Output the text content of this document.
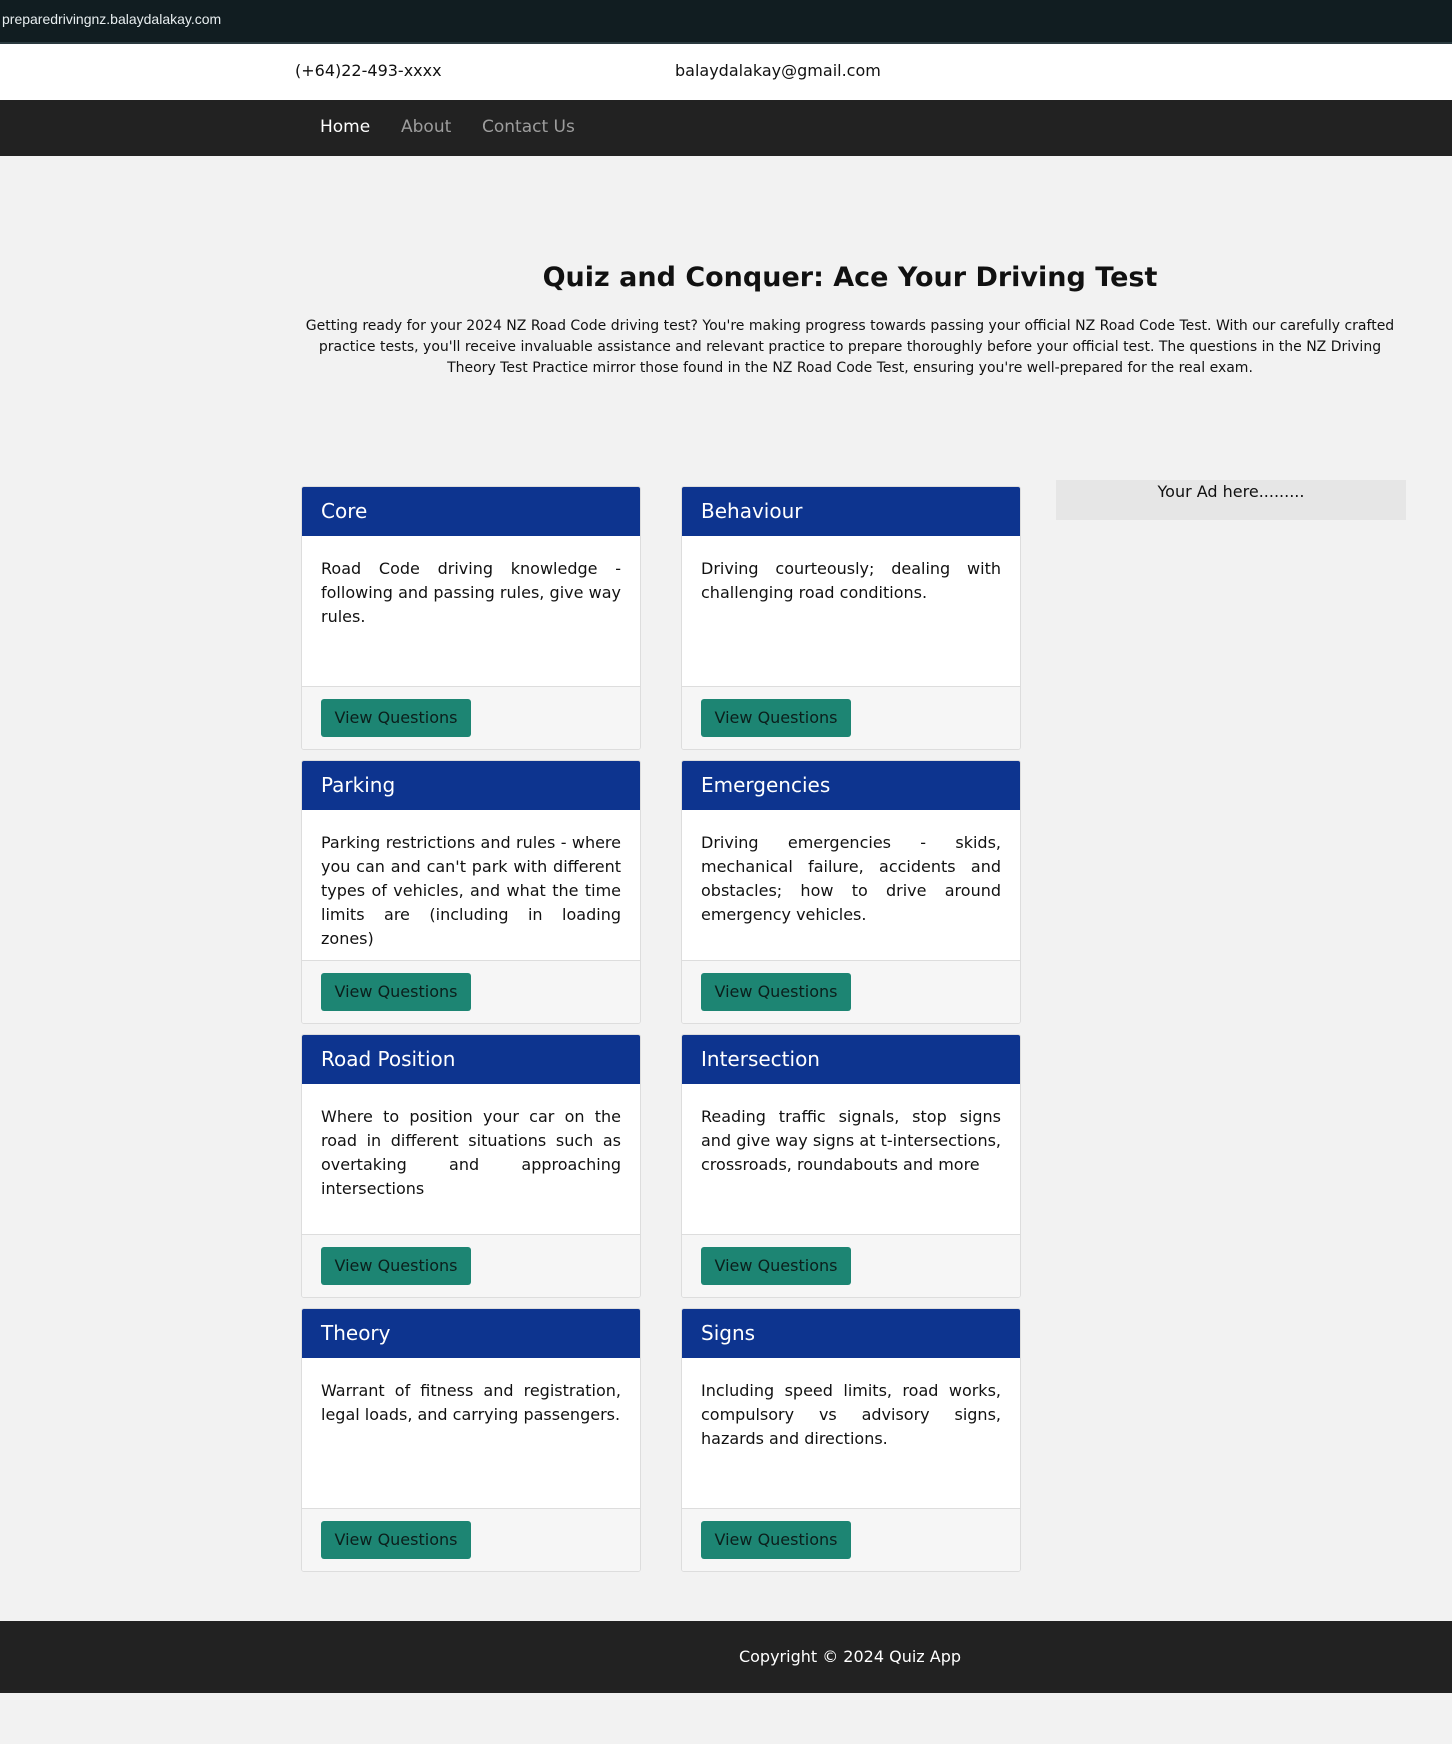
preparedrivingnz.balaydalakay.com
(+64)22-493-xxxx	balaydalakay@gmail.com
Home About Contact Us
Quiz and Conquer: Ace Your Driving Test

Getting ready for your 2024 NZ Road Code driving test? You're making progress towards passing your official NZ Road Code Test. With our carefully crafted practice tests, you'll receive invaluable assistance and relevant practice to prepare thoroughly before your official test. The questions in the NZ Driving Theory Test Practice mirror those found in the NZ Road Code Test, ensuring you're well-prepared for the real exam.

Core
Road Code driving knowledge - following and passing rules, give way rules.
View Questions
Behaviour
Driving courteously; dealing with challenging road conditions.
View Questions
Parking
Parking restrictions and rules - where you can and can't park with different types of vehicles, and what the time limits are (including in loading zones)
View Questions
Emergencies
Driving emergencies - skids, mechanical failure, accidents and obstacles; how to drive around emergency vehicles.
View Questions
Road Position
Where to position your car on the road in different situations such as overtaking and approaching intersections
View Questions
Intersection
Reading traffic signals, stop signs and give way signs at t-intersections, crossroads, roundabouts and more
View Questions
Theory
Warrant of fitness and registration, legal loads, and carrying passengers.
View Questions
Signs
Including speed limits, road works, compulsory vs advisory signs, hazards and directions.
View Questions
Your Ad here.........
Copyright © 2024 Quiz App
